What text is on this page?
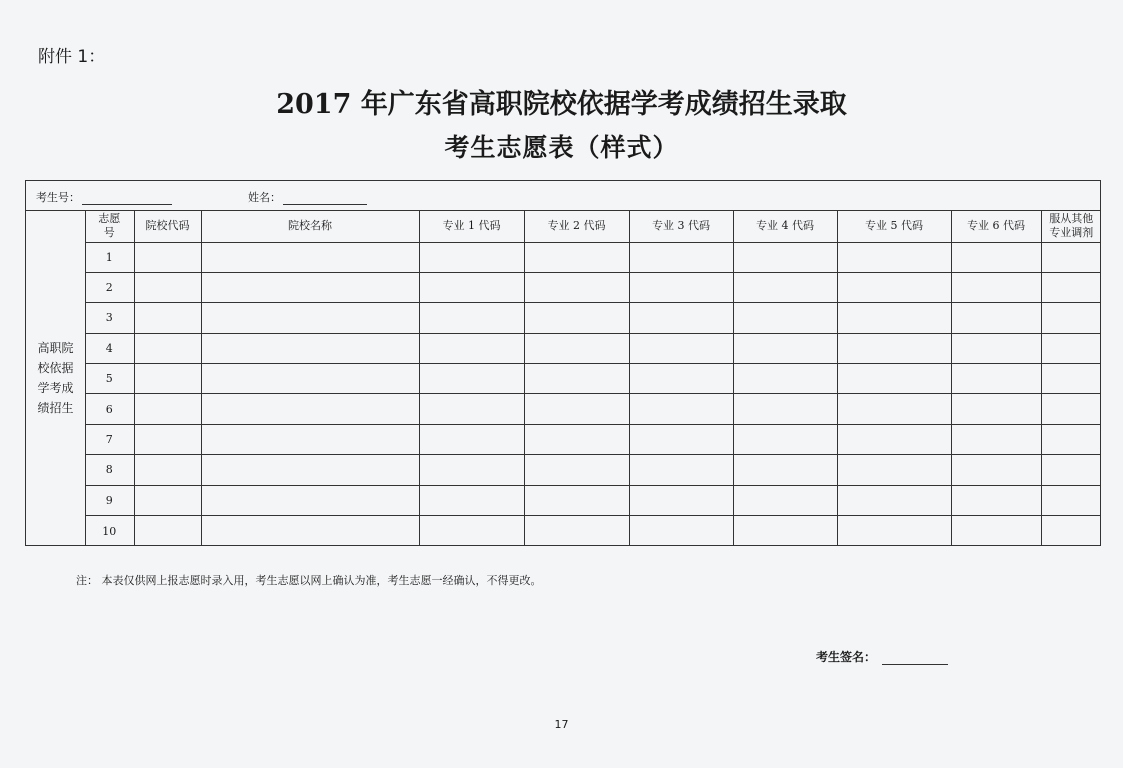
附件 1：
2017 年广东省高职院校依据学考成绩招生录取
考生志愿表（样式）
考生号：	姓名：
高职院校依据学考成绩招生
志愿号	院校代码	院校名称	专业 1 代码	专业 2 代码	专业 3 代码	专业 4 代码	专业 5 代码	专业 6 代码	服从其他专业调剂
1									
2									
3									
4									
5									
6									
7									
8									
9									
10									
注： 本表仅供网上报志愿时录入用，考生志愿以网上确认为准，考生志愿一经确认，不得更改。
考生签名：
17
